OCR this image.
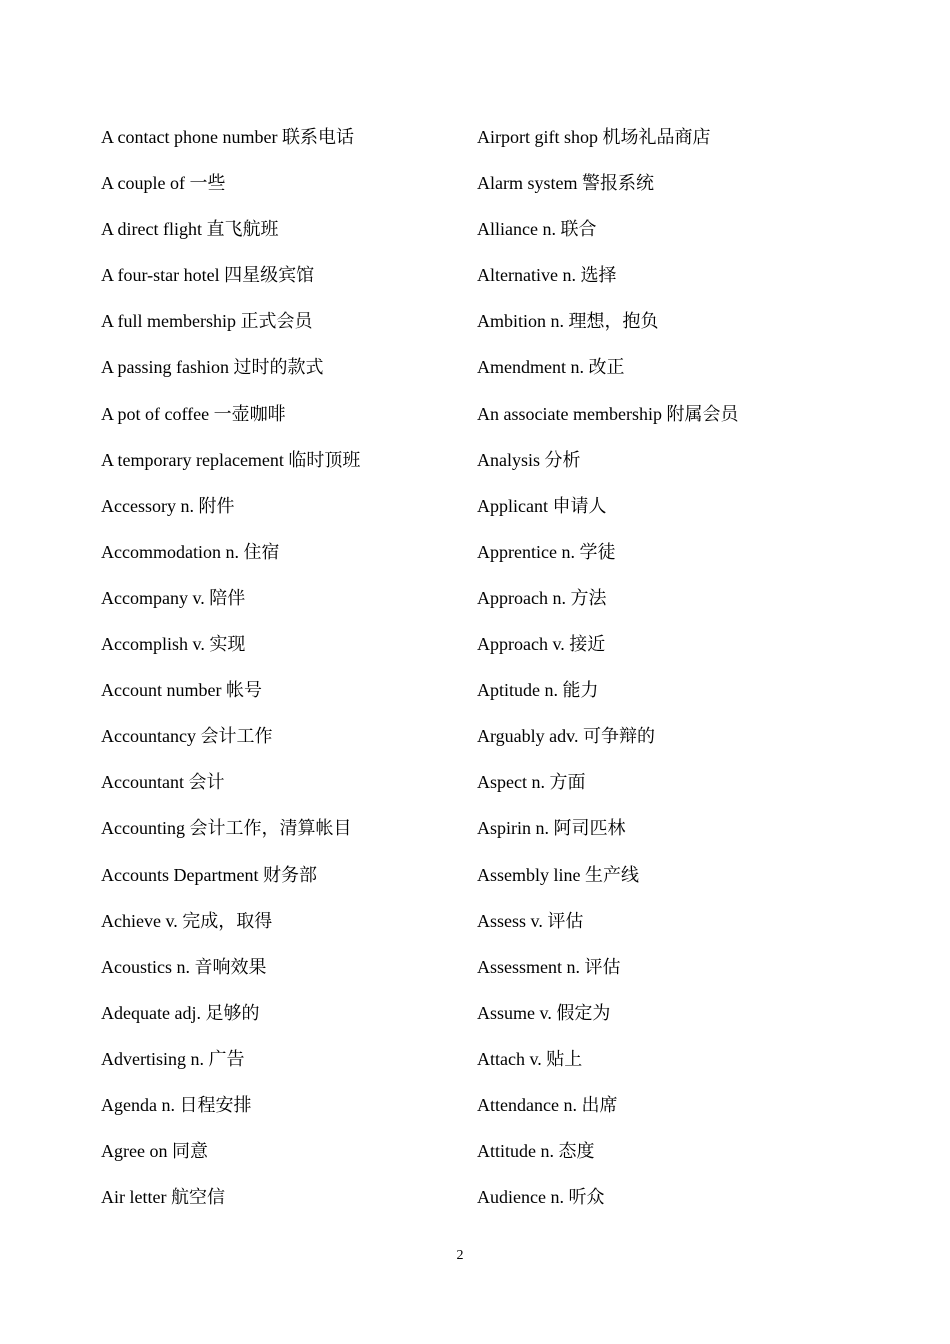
A contact phone number 联系电话
A couple of 一些
A direct flight 直飞航班
A four-star hotel 四星级宾馆
A full membership 正式会员
A passing fashion 过时的款式
A pot of coffee 一壶咖啡
A temporary replacement 临时顶班
Accessory n. 附件
Accommodation n. 住宿
Accompany v. 陪伴
Accomplish v. 实现
Account number 帐号
Accountancy 会计工作
Accountant 会计
Accounting 会计工作，清算帐目
Accounts Department 财务部
Achieve v. 完成，取得
Acoustics n. 音响效果
Adequate adj. 足够的
Advertising n. 广告
Agenda n. 日程安排
Agree on 同意
Air letter 航空信
Airport gift shop 机场礼品商店
Alarm system 警报系统
Alliance n. 联合
Alternative n. 选择
Ambition n. 理想，抱负
Amendment n. 改正
An associate membership 附属会员
Analysis 分析
Applicant 申请人
Apprentice n. 学徒
Approach n. 方法
Approach v. 接近
Aptitude n. 能力
Arguably adv. 可争辩的
Aspect n. 方面
Aspirin n. 阿司匹林
Assembly line 生产线
Assess v. 评估
Assessment n. 评估
Assume v. 假定为
Attach v. 贴上
Attendance n. 出席
Attitude n. 态度
Audience n. 听众
2
